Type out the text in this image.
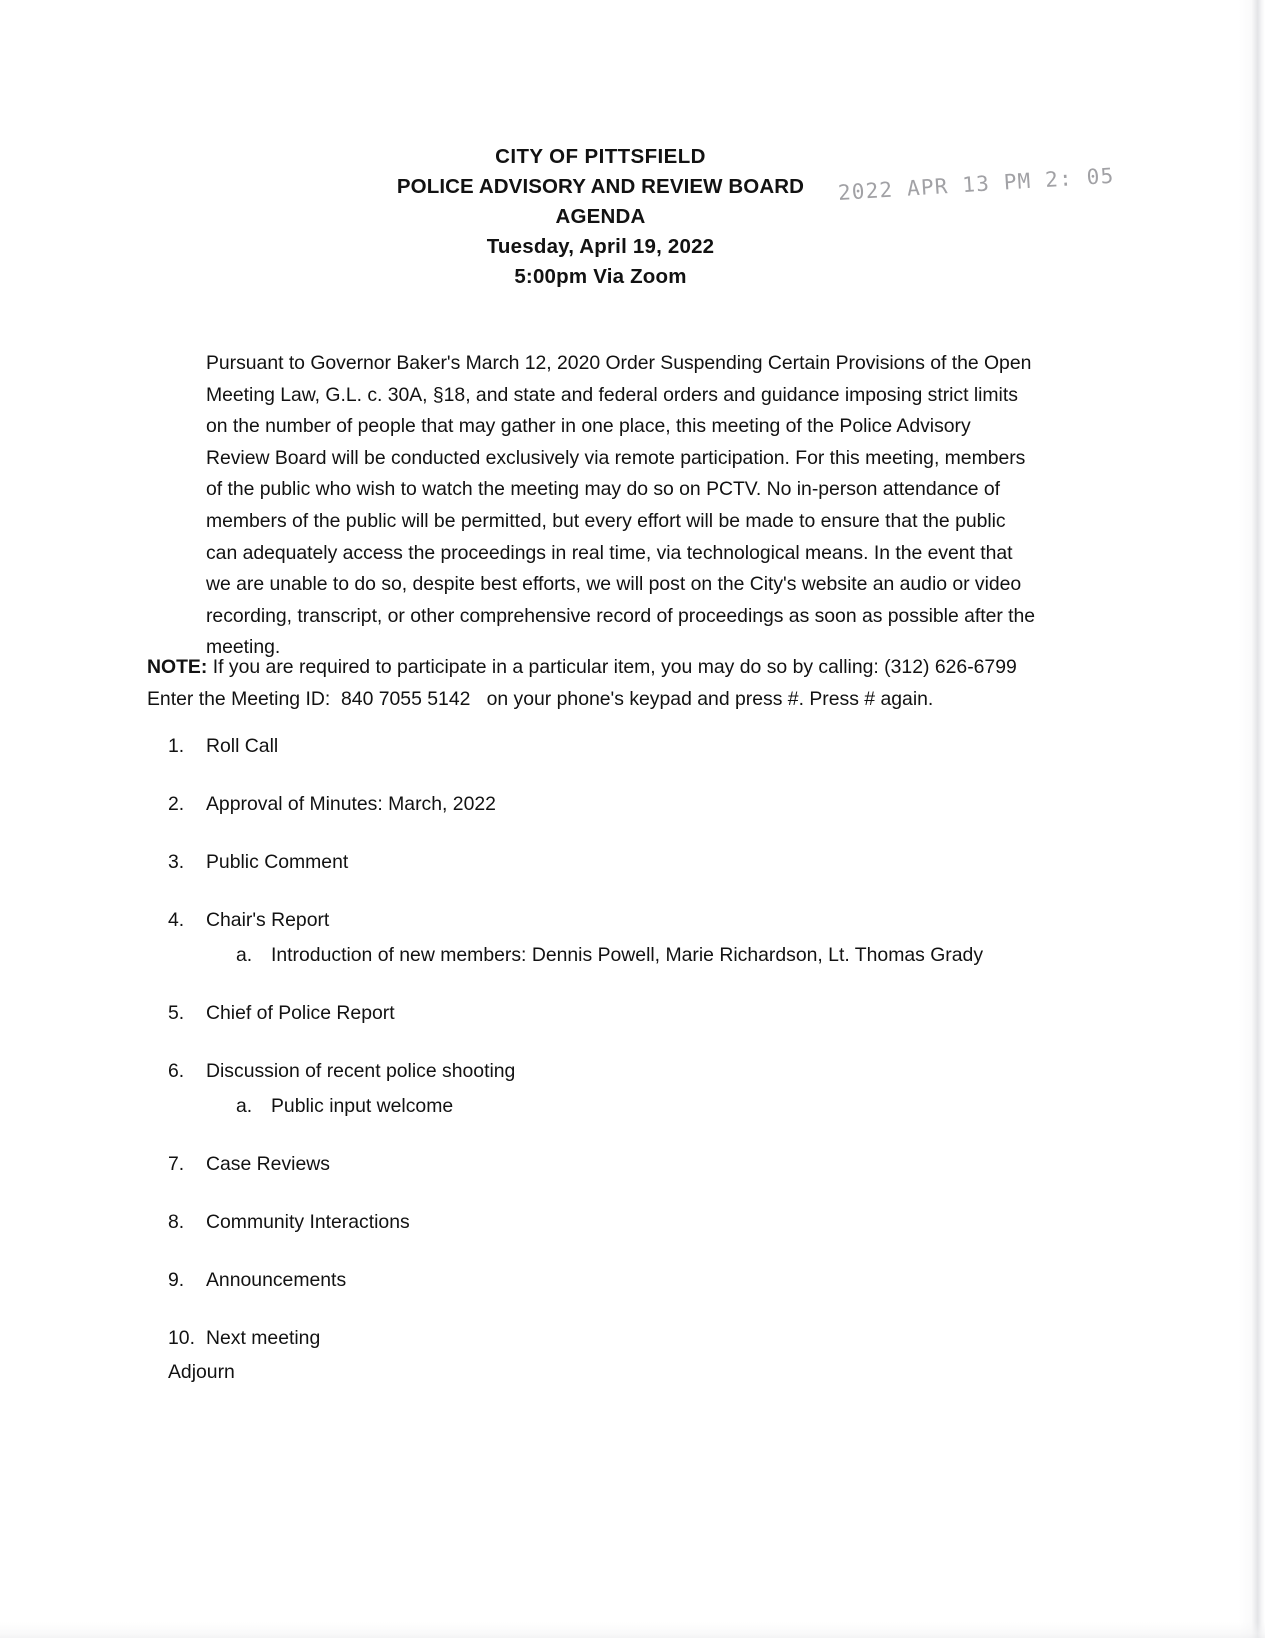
CITY OF PITTSFIELD
POLICE ADVISORY AND REVIEW BOARD
AGENDA
Tuesday, April 19, 2022
5:00pm Via Zoom
2022 APR 13 PM 2: 05
Pursuant to Governor Baker's March 12, 2020 Order Suspending Certain Provisions of the Open Meeting Law, G.L. c. 30A, §18, and state and federal orders and guidance imposing strict limits on the number of people that may gather in one place, this meeting of the Police Advisory Review Board will be conducted exclusively via remote participation. For this meeting, members of the public who wish to watch the meeting may do so on PCTV. No in-person attendance of members of the public will be permitted, but every effort will be made to ensure that the public can adequately access the proceedings in real time, via technological means. In the event that we are unable to do so, despite best efforts, we will post on the City's website an audio or video recording, transcript, or other comprehensive record of proceedings as soon as possible after the meeting.
NOTE: If you are required to participate in a particular item, you may do so by calling: (312) 626-6799
Enter the Meeting ID:  840 7055 5142   on your phone's keypad and press #. Press # again.
1.	Roll Call
2.	Approval of Minutes: March, 2022
3.	Public Comment
4.	Chair's Report
a. Introduction of new members: Dennis Powell, Marie Richardson, Lt. Thomas Grady
5.	Chief of Police Report
6.	Discussion of recent police shooting
a. Public input welcome
7.	Case Reviews
8.	Community Interactions
9.	Announcements
10. Next meeting
Adjourn
